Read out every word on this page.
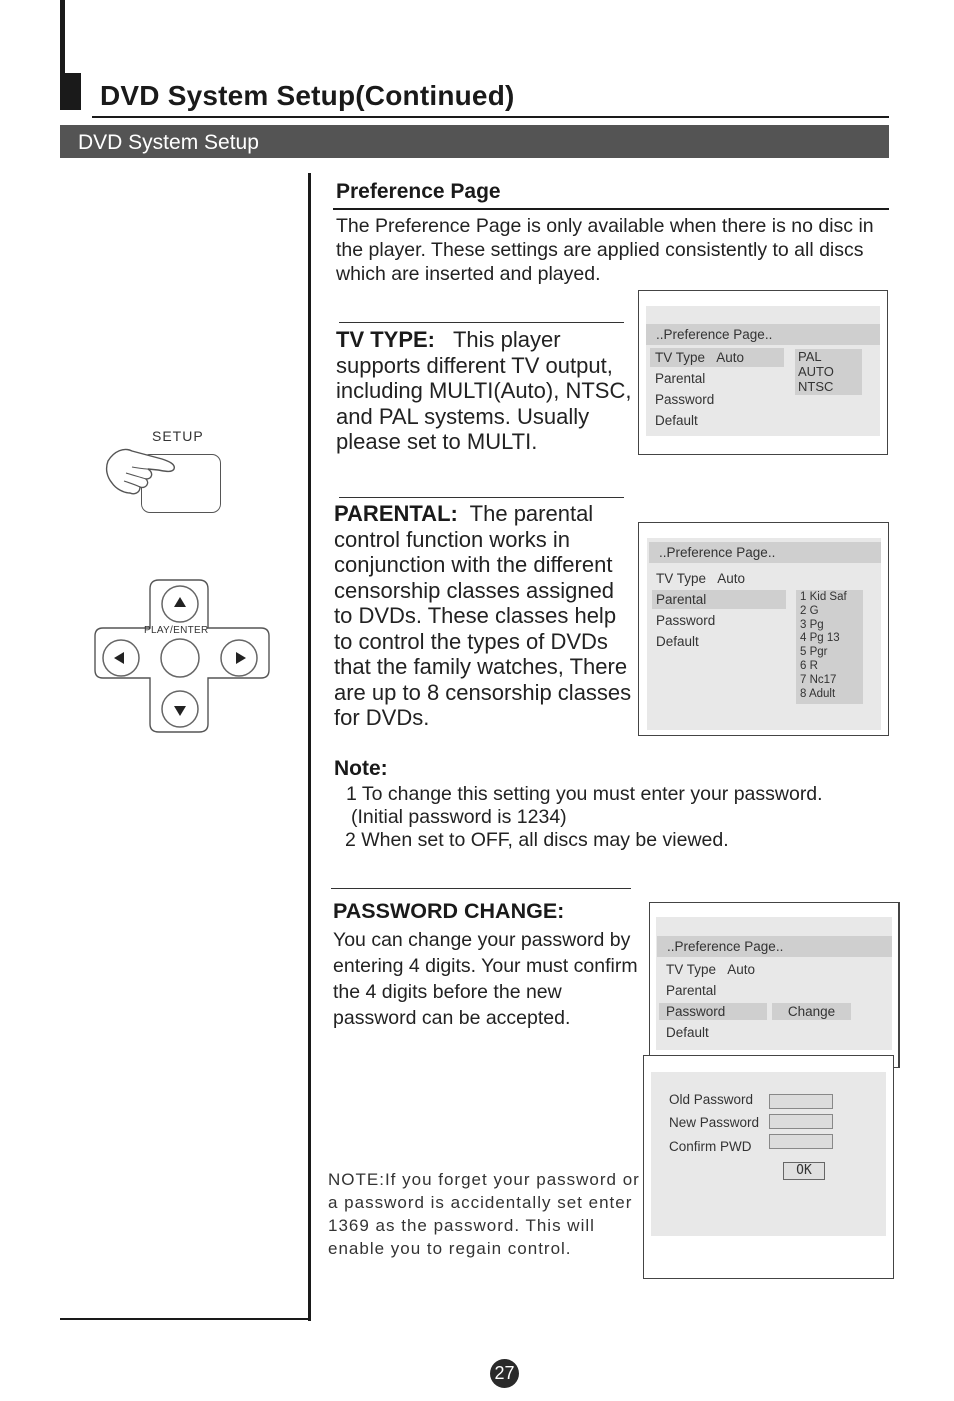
DVD System Setup(Continued)
DVD System Setup
SETUP
PLAY/ENTER
Preference Page
The Preference Page is only available when there is no disc in the player. These settings are applied consistently to all discs which are inserted and played.
TV TYPE: This player supports different TV output, including MULTI(Auto), NTSC, and PAL systems. Usually please set to MULTI.
..Preference Page..
TV Type Auto
Parental
Password
Default
PAL
AUTO
NTSC
PARENTAL: The parental control function works in conjunction with the different censorship classes assigned to DVDs. These classes help to control the types of DVDs that the family watches, There are up to 8 censorship classes for DVDs.
..Preference Page..
TV Type Auto
Parental
Password
Default
1 Kid Saf
2 G
3 Pg
4 Pg 13
5 Pgr
6 R
7 Nc17
8 Adult
Note:
1 To change this setting you must enter your password.
(Initial password is 1234)
2 When set to OFF, all discs may be viewed.
PASSWORD CHANGE:
You can change your password by entering 4 digits. Your must confirm the 4 digits before the new password can be accepted.
NOTE:If you forget your password or a password is accidentally set enter 1369 as the password. This will enable you to regain control.
..Preference Page..
TV Type Auto
Parental
Password	Change
Default
Old Password
New Password
Confirm PWD
OK
27
